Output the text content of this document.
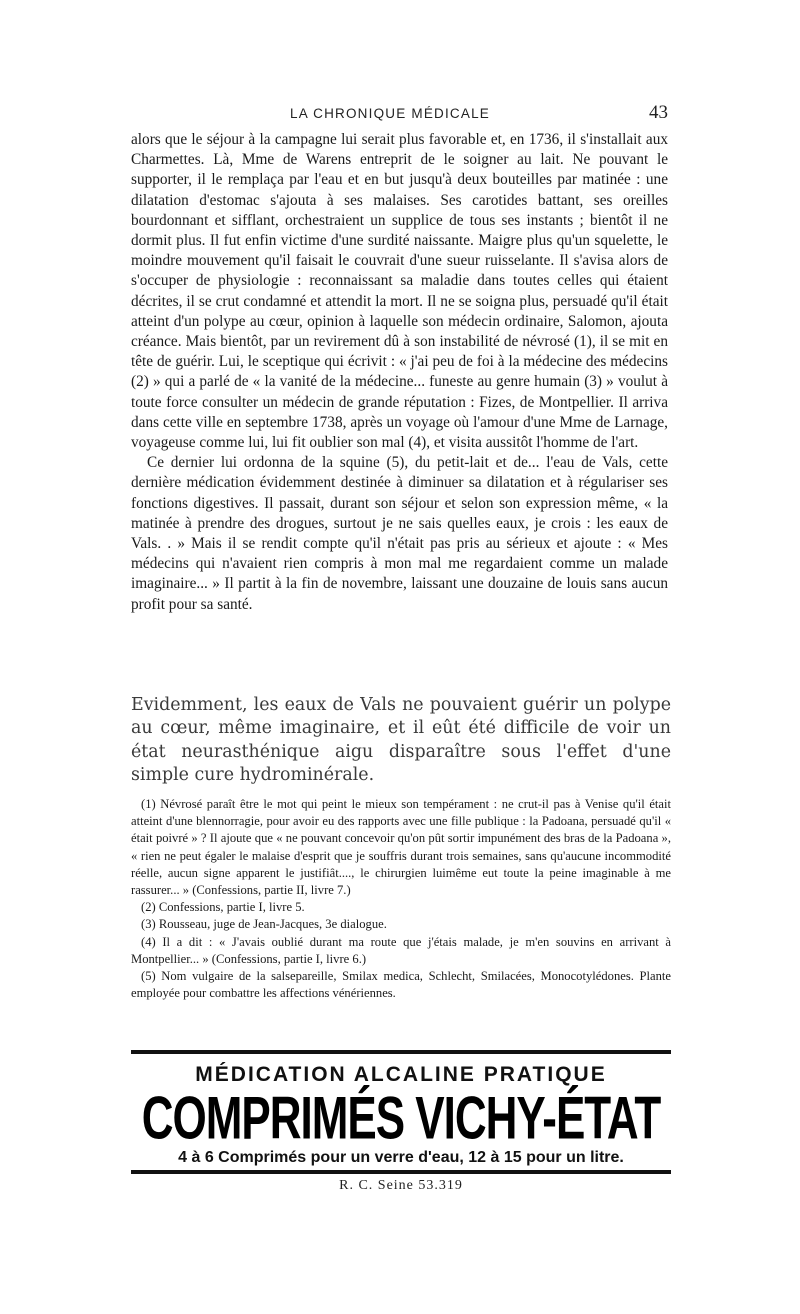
LA CHRONIQUE MÉDICALE	43

alors que le séjour à la campagne lui serait plus favorable et, en 1736, il s'installait aux Charmettes. Là, Mme de Warens entreprit de le soigner au lait. Ne pouvant le supporter, il le remplaça par l'eau et en but jusqu'à deux bouteilles par matinée : une dilatation d'estomac s'ajouta à ses malaises. Ses carotides battant, ses oreilles bourdonnant et sifflant, orchestraient un supplice de tous ses instants ; bientôt il ne dormit plus. Il fut enfin victime d'une surdité naissante. Maigre plus qu'un squelette, le moindre mouvement qu'il faisait le couvrait d'une sueur ruisselante. Il s'avisa alors de s'occuper de physiologie : reconnaissant sa maladie dans toutes celles qui étaient décrites, il se crut condamné et attendit la mort. Il ne se soigna plus, persuadé qu'il était atteint d'un polype au cœur, opinion à laquelle son médecin ordinaire, Salomon, ajouta créance. Mais bientôt, par un revirement dû à son instabilité de névrosé (1), il se mit en tête de guérir. Lui, le sceptique qui écrivit : « j'ai peu de foi à la médecine des médecins (2) » qui a parlé de « la vanité de la médecine... funeste au genre humain (3) » voulut à toute force consulter un médecin de grande réputation : Fizes, de Montpellier. Il arriva dans cette ville en septembre 1738, après un voyage où l'amour d'une Mme de Larnage, voyageuse comme lui, lui fit oublier son mal (4), et visita aussitôt l'homme de l'art.

Ce dernier lui ordonna de la squine (5), du petit-lait et de... l'eau de Vals, cette dernière médication évidemment destinée à diminuer sa dilatation et à régulariser ses fonctions digestives. Il passait, durant son séjour et selon son expression même, « la matinée à prendre des drogues, surtout je ne sais quelles eaux, je crois : les eaux de Vals. . » Mais il se rendit compte qu'il n'était pas pris au sérieux et ajoute : « Mes médecins qui n'avaient rien compris à mon mal me regardaient comme un malade imaginaire... » Il partit à la fin de novembre, laissant une douzaine de louis sans aucun profit pour sa santé.

Evidemment, les eaux de Vals ne pouvaient guérir un polype au cœur, même imaginaire, et il eût été difficile de voir un état neurasthénique aigu disparaître sous l'effet d'une simple cure hydrominérale.

(1) Névrosé paraît être le mot qui peint le mieux son tempérament : ne crut-il pas à Venise qu'il était atteint d'une blennorragie, pour avoir eu des rapports avec une fille publique : la Padoana, persuadé qu'il « était poivré » ? Il ajoute que « ne pouvant concevoir qu'on pût sortir impunément des bras de la Padoana », « rien ne peut égaler le malaise d'esprit que je souffris durant trois semaines, sans qu'aucune incommodité réelle, aucun signe apparent le justifiât...., le chirurgien luimême eut toute la peine imaginable à me rassurer... » (Confessions, partie II, livre 7.)

(2) Confessions, partie I, livre 5.

(3) Rousseau, juge de Jean-Jacques, 3e dialogue.

(4) Il a dit : « J'avais oublié durant ma route que j'étais malade, je m'en souvins en arrivant à Montpellier... » (Confessions, partie I, livre 6.)

(5) Nom vulgaire de la salsepareille, Smilax medica, Schlecht, Smilacées, Monocotylédones. Plante employée pour combattre les affections vénériennes.

MÉDICATION ALCALINE PRATIQUE
COMPRIMÉS VICHY-ÉTAT
4 à 6 Comprimés pour un verre d'eau, 12 à 15 pour un litre.
R. C. Seine 53.319
